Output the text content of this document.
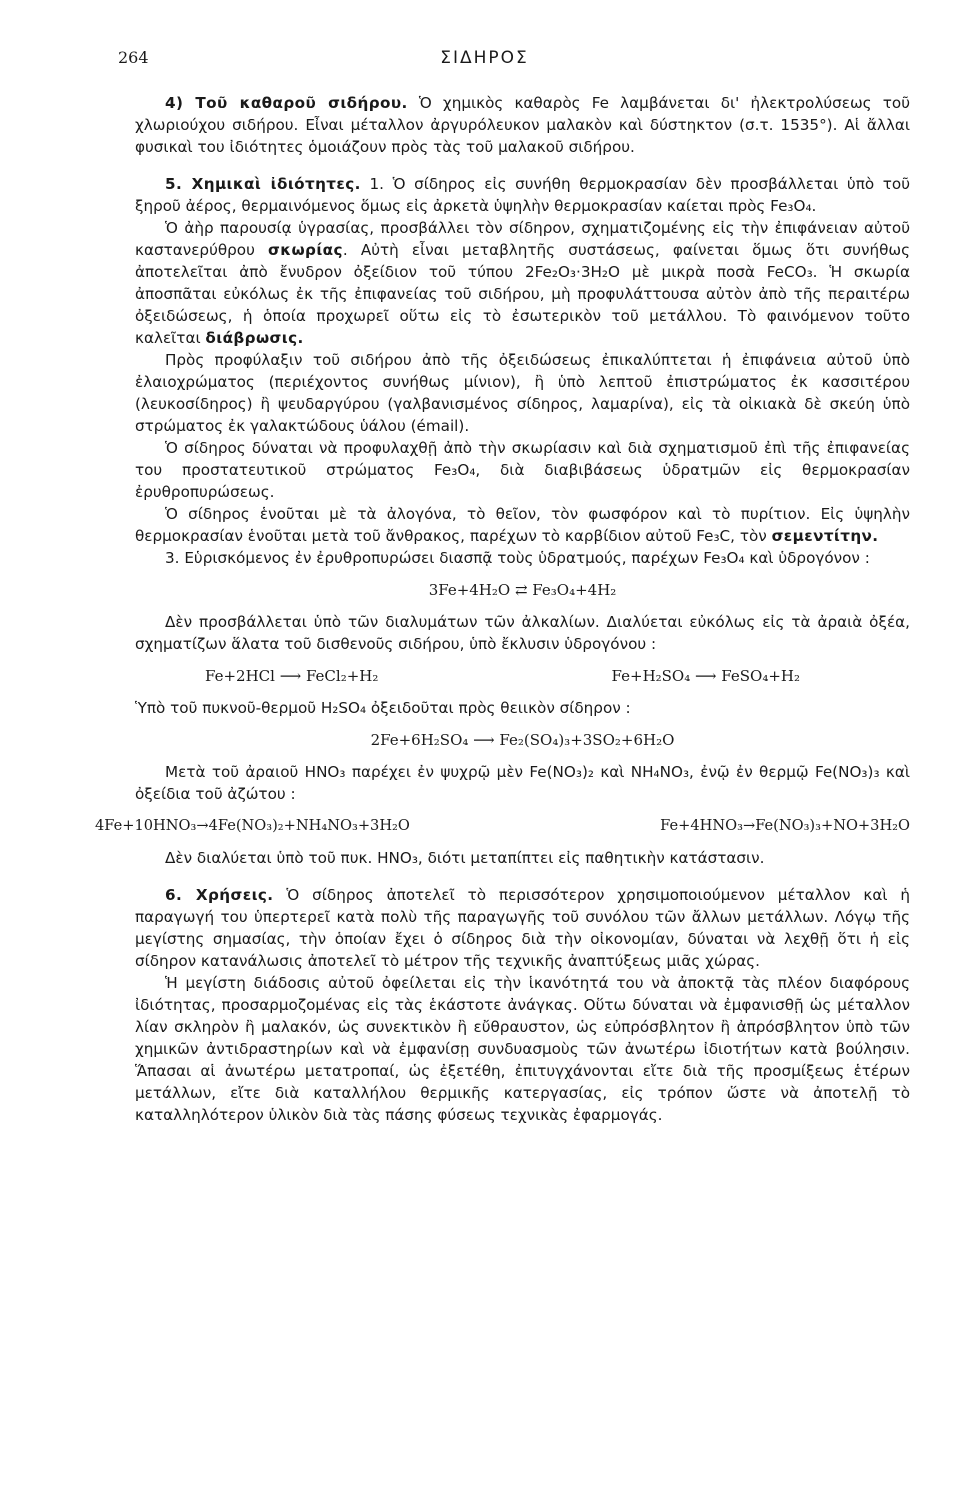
264	ΣΙΔΗΡΟΣ

4) Τοῦ καθαροῦ σιδήρου. Ὁ χημικὸς καθαρὸς Fe λαμβάνεται δι' ἠλεκτρολύσεως τοῦ χλωριούχου σιδήρου. Εἶναι μέταλλον ἀργυρόλευκον μαλακὸν καὶ δύστηκτον (σ.τ. 1535°). Αἱ ἄλλαι φυσικαὶ του ἰδιότητες ὁμοιάζουν πρὸς τὰς τοῦ μαλακοῦ σιδήρου.

5. Χημικαὶ ἰδιότητες. 1. Ὁ σίδηρος εἰς συνήθη θερμοκρασίαν δὲν προσβάλλεται ὑπὸ τοῦ ξηροῦ ἀέρος, θερμαινόμενος ὅμως εἰς ἀρκετὰ ὑψηλὴν θερμοκρασίαν καίεται πρὸς Fe₃O₄.

Ὁ ἀὴρ παρουσίᾳ ὑγρασίας, προσβάλλει τὸν σίδηρον, σχηματιζομένης εἰς τὴν ἐπιφάνειαν αὐτοῦ καστανερύθρου σκωρίας. Αὐτὴ εἶναι μεταβλητῆς συστάσεως, φαίνεται ὅμως ὅτι συνήθως ἀποτελεῖται ἀπὸ ἔνυδρον ὀξείδιον τοῦ τύπου 2Fe₂O₃·3H₂O μὲ μικρὰ ποσὰ FeCO₃. Ἡ σκωρία ἀποσπᾶται εὐκόλως ἐκ τῆς ἐπιφανείας τοῦ σιδήρου, μὴ προφυλάττουσα αὐτὸν ἀπὸ τῆς περαιτέρω ὀξειδώσεως, ἡ ὁποία προχωρεῖ οὕτω εἰς τὸ ἐσωτερικὸν τοῦ μετάλλου. Τὸ φαινόμενον τοῦτο καλεῖται διάβρωσις.

Πρὸς προφύλαξιν τοῦ σιδήρου ἀπὸ τῆς ὀξειδώσεως ἐπικαλύπτεται ἡ ἐπιφάνεια αὐτοῦ ὑπὸ ἐλαιοχρώματος (περιέχοντος συνήθως μίνιον), ἢ ὑπὸ λεπτοῦ ἐπιστρώματος ἐκ κασσιτέρου (λευκοσίδηρος) ἢ ψευδαργύρου (γαλβανισμένος σίδηρος, λαμαρίνα), εἰς τὰ οἰκιακὰ δὲ σκεύη ὑπὸ στρώματος ἐκ γαλακτώδους ὑάλου (émail).

Ὁ σίδηρος δύναται νὰ προφυλαχθῇ ἀπὸ τὴν σκωρίασιν καὶ διὰ σχηματισμοῦ ἐπὶ τῆς ἐπιφανείας του προστατευτικοῦ στρώματος Fe₃O₄, διὰ διαβιβάσεως ὑδρατμῶν εἰς θερμοκρασίαν ἐρυθροπυρώσεως.

Ὁ σίδηρος ἑνοῦται μὲ τὰ ἀλογόνα, τὸ θεῖον, τὸν φωσφόρον καὶ τὸ πυρίτιον. Εἰς ὑψηλὴν θερμοκρασίαν ἑνοῦται μετὰ τοῦ ἄνθρακος, παρέχων τὸ καρβίδιον αὐτοῦ Fe₃C, τὸν σεμεντίτην.

3. Εὑρισκόμενος ἐν ἐρυθροπυρώσει διασπᾷ τοὺς ὑδρατμούς, παρέχων Fe₃O₄ καὶ ὑδρογόνον :

3Fe+4H₂O ⇄ Fe₃O₄+4H₂

Δὲν προσβάλλεται ὑπὸ τῶν διαλυμάτων τῶν ἀλκαλίων. Διαλύεται εὐκόλως εἰς τὰ ἀραιὰ ὀξέα, σχηματίζων ἅλατα τοῦ δισθενοῦς σιδήρου, ὑπὸ ἔκλυσιν ὑδρογόνου :

Fe+2HCl ⟶ FeCl₂+H₂	Fe+H₂SO₄ ⟶ FeSO₄+H₂

Ὑπὸ τοῦ πυκνοῦ-θερμοῦ H₂SO₄ ὀξειδοῦται πρὸς θειικὸν σίδηρον :

2Fe+6H₂SO₄ ⟶ Fe₂(SO₄)₃+3SO₂+6H₂O

Μετὰ τοῦ ἀραιοῦ HNO₃ παρέχει ἐν ψυχρῷ μὲν Fe(NO₃)₂ καὶ NH₄NO₃, ἐνῷ ἐν θερμῷ Fe(NO₃)₃ καὶ ὀξείδια τοῦ ἀζώτου :

4Fe+10HNO₃→4Fe(NO₃)₂+NH₄NO₃+3H₂O	Fe+4HNO₃→Fe(NO₃)₃+NO+3H₂O

Δὲν διαλύεται ὑπὸ τοῦ πυκ. HNO₃, διότι μεταπίπτει εἰς παθητικὴν κατάστασιν.

6. Χρήσεις. Ὁ σίδηρος ἀποτελεῖ τὸ περισσότερον χρησιμοποιούμενον μέταλλον καὶ ἡ παραγωγή του ὑπερτερεῖ κατὰ πολὺ τῆς παραγωγῆς τοῦ συνόλου τῶν ἄλλων μετάλλων. Λόγῳ τῆς μεγίστης σημασίας, τὴν ὁποίαν ἔχει ὁ σίδηρος διὰ τὴν οἰκονομίαν, δύναται νὰ λεχθῇ ὅτι ἡ εἰς σίδηρον κατανάλωσις ἀποτελεῖ τὸ μέτρον τῆς τεχνικῆς ἀναπτύξεως μιᾶς χώρας.

Ἡ μεγίστη διάδοσις αὐτοῦ ὀφείλεται εἰς τὴν ἱκανότητά του νὰ ἀποκτᾷ τὰς πλέον διαφόρους ἰδιότητας, προσαρμοζομένας εἰς τὰς ἑκάστοτε ἀνάγκας. Οὕτω δύναται νὰ ἐμφανισθῇ ὡς μέταλλον λίαν σκληρὸν ἢ μαλακόν, ὡς συνεκτικὸν ἢ εὔθραυστον, ὡς εὐπρόσβλητον ἢ ἀπρόσβλητον ὑπὸ τῶν χημικῶν ἀντιδραστηρίων καὶ νὰ ἐμφανίσῃ συνδυασμοὺς τῶν ἀνωτέρω ἰδιοτήτων κατὰ βούλησιν. Ἅπασαι αἱ ἀνωτέρω μετατροπαί, ὡς ἐξετέθη, ἐπιτυγχάνονται εἴτε διὰ τῆς προσμίξεως ἑτέρων μετάλλων, εἴτε διὰ καταλλήλου θερμικῆς κατεργασίας, εἰς τρόπον ὥστε νὰ ἀποτελῇ τὸ καταλληλότερον ὑλικὸν διὰ τὰς πάσης φύσεως τεχνικὰς ἐφαρμογάς.
